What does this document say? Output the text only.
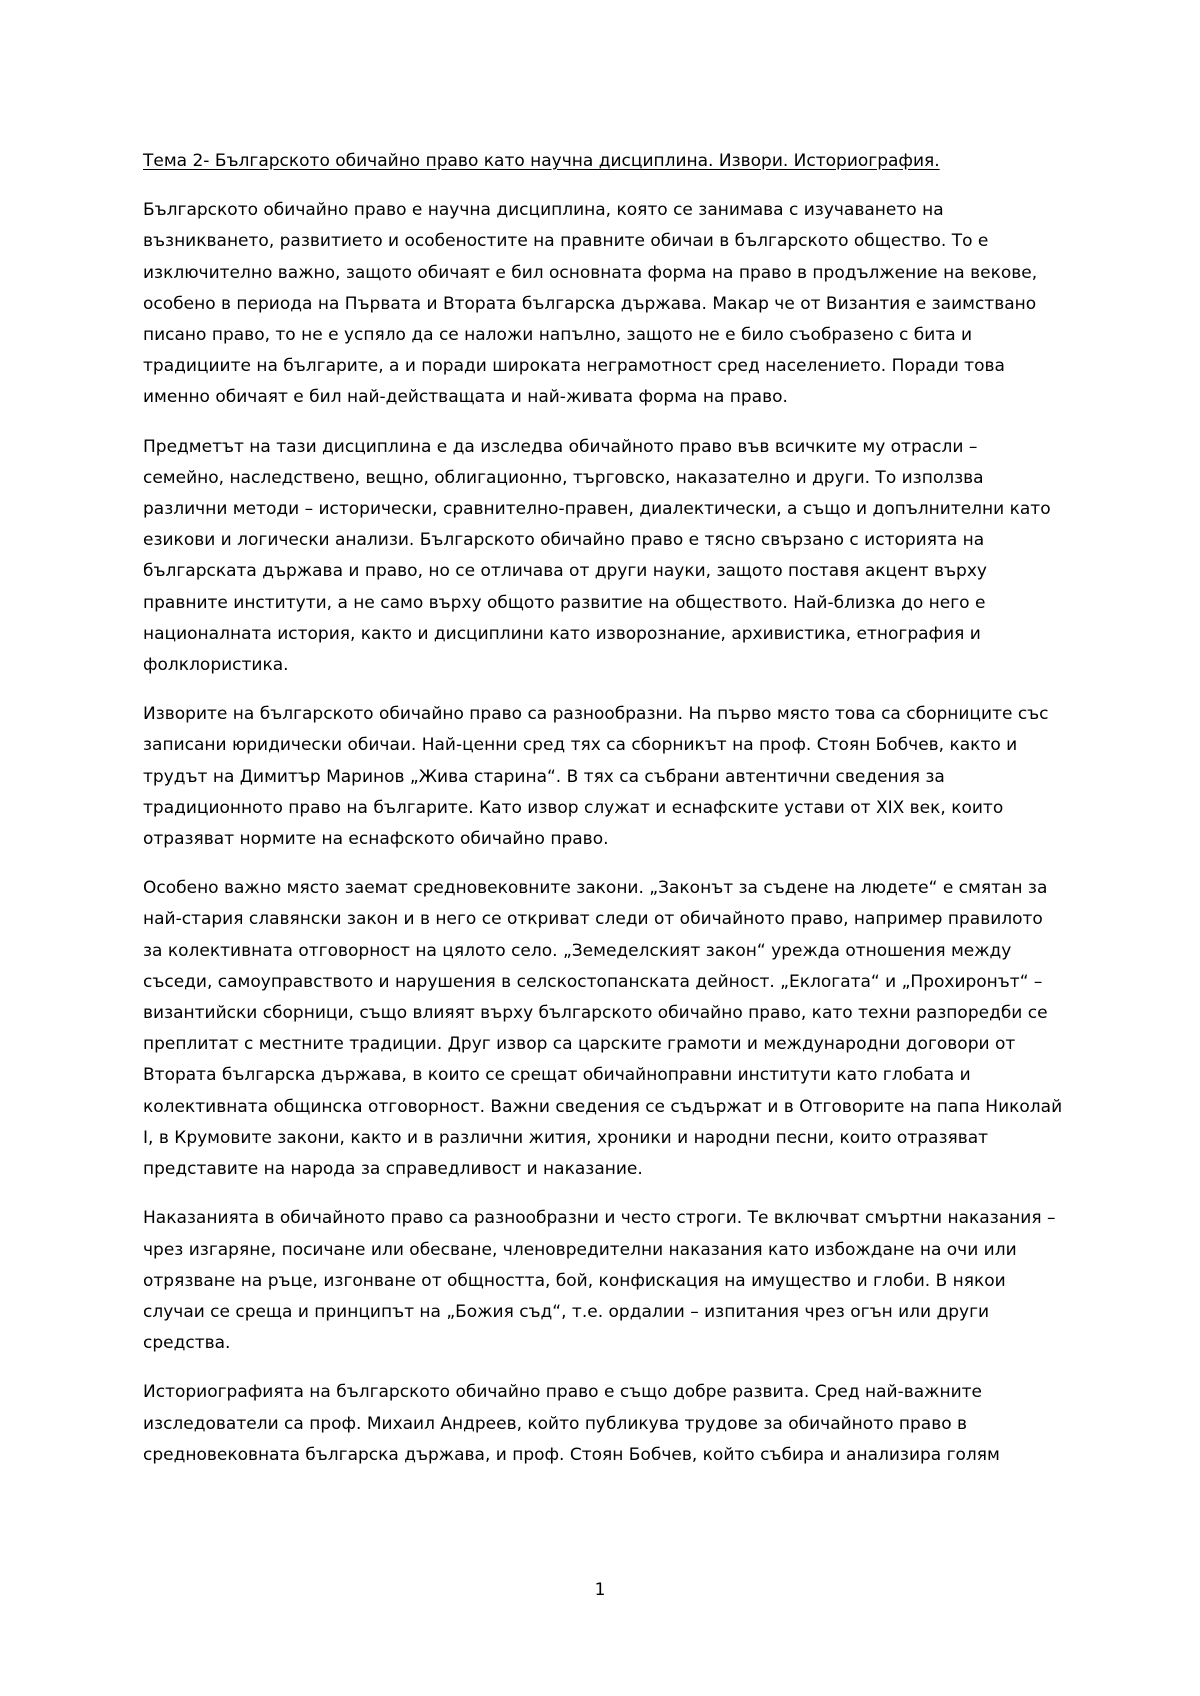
Тема 2- Българското обичайно право като научна дисциплина. Извори. Историография.

Българското обичайно право е научна дисциплина, която се занимава с изучаването на възникването, развитието и особеностите на правните обичаи в българското общество. То е изключително важно, защото обичаят е бил основната форма на право в продължение на векове, особено в периода на Първата и Втората българска държава. Макар че от Византия е заимствано писано право, то не е успяло да се наложи напълно, защото не е било съобразено с бита и традициите на българите, а и поради широката неграмотност сред населението. Поради това именно обичаят е бил най-действащата и най-живата форма на право.

Предметът на тази дисциплина е да изследва обичайното право във всичките му отрасли – семейно, наследствено, вещно, облигационно, търговско, наказателно и други. То използва различни методи – исторически, сравнително-правен, диалектически, а също и допълнителни като езикови и логически анализи. Българското обичайно право е тясно свързано с историята на българската държава и право, но се отличава от други науки, защото поставя акцент върху правните институти, а не само върху общото развитие на обществото. Най-близка до него е националната история, както и дисциплини като изворознание, архивистика, етнография и фолклористика.

Изворите на българското обичайно право са разнообразни. На първо място това са сборниците със записани юридически обичаи. Най-ценни сред тях са сборникът на проф. Стоян Бобчев, както и трудът на Димитър Маринов „Жива старина“. В тях са събрани автентични сведения за традиционното право на българите. Като извор служат и еснафските устави от XIX век, които отразяват нормите на еснафското обичайно право.

Особено важно място заемат средновековните закони. „Законът за съдене на людете“ е смятан за най-стария славянски закон и в него се откриват следи от обичайното право, например правилото за колективната отговорност на цялото село. „Земеделският закон“ урежда отношения между съседи, самоуправството и нарушения в селскостопанската дейност. „Еклогата“ и „Прохиронът“ – византийски сборници, също влияят върху българското обичайно право, като техни разпоредби се преплитат с местните традиции. Друг извор са царските грамоти и международни договори от Втората българска държава, в които се срещат обичайноправни институти като глобата и колективната общинска отговорност. Важни сведения се съдържат и в Отговорите на папа Николай I, в Крумовите закони, както и в различни жития, хроники и народни песни, които отразяват представите на народа за справедливост и наказание.

Наказанията в обичайното право са разнообразни и често строги. Те включват смъртни наказания – чрез изгаряне, посичане или обесване, членовредителни наказания като избождане на очи или отрязване на ръце, изгонване от общността, бой, конфискация на имущество и глоби. В някои случаи се среща и принципът на „Божия съд“, т.е. ордалии – изпитания чрез огън или други средства.

Историографията на българското обичайно право е също добре развита. Сред най-важните изследователи са проф. Михаил Андреев, който публикува трудове за обичайното право в средновековната българска държава, и проф. Стоян Бобчев, който събира и анализира голям

1
